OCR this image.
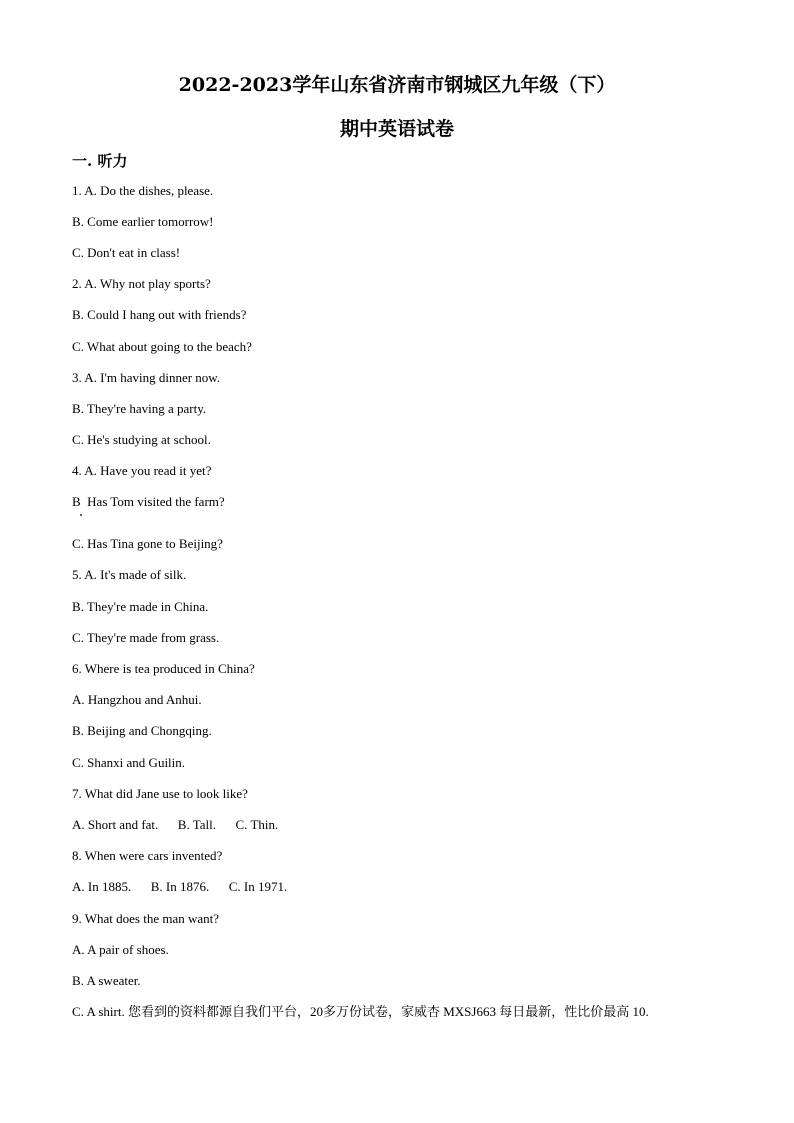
2022-2023学年山东省济南市钢城区九年级（下）
期中英语试卷
一. 听力
1. A. Do the dishes, please.
B. Come earlier tomorrow!
C. Don't eat in class!
2. A. Why not play sports?
B. Could I hang out with friends?
C. What about going to the beach?
3. A. I'm having dinner now.
B. They're having a party.
C. He's studying at school.
4. A. Have you read it yet?
B  Has Tom visited the farm?
C. Has Tina gone to Beijing?
5. A. It's made of silk.
B. They're made in China.
C. They're made from grass.
6. Where is tea produced in China?
A. Hangzhou and Anhui.
B. Beijing and Chongqing.
C. Shanxi and Guilin.
7. What did Jane use to look like?
A. Short and fat.      B. Tall.      C. Thin.
8. When were cars invented?
A. In 1885.      B. In 1876.      C. In 1971.
9. What does the man want?
A. A pair of shoes.
B. A sweater.
C. A shirt. 您看到的资料都源自我们平台，20多万份试卷，家威杏 MXSJ663 每日最新，性比价最高 10.
